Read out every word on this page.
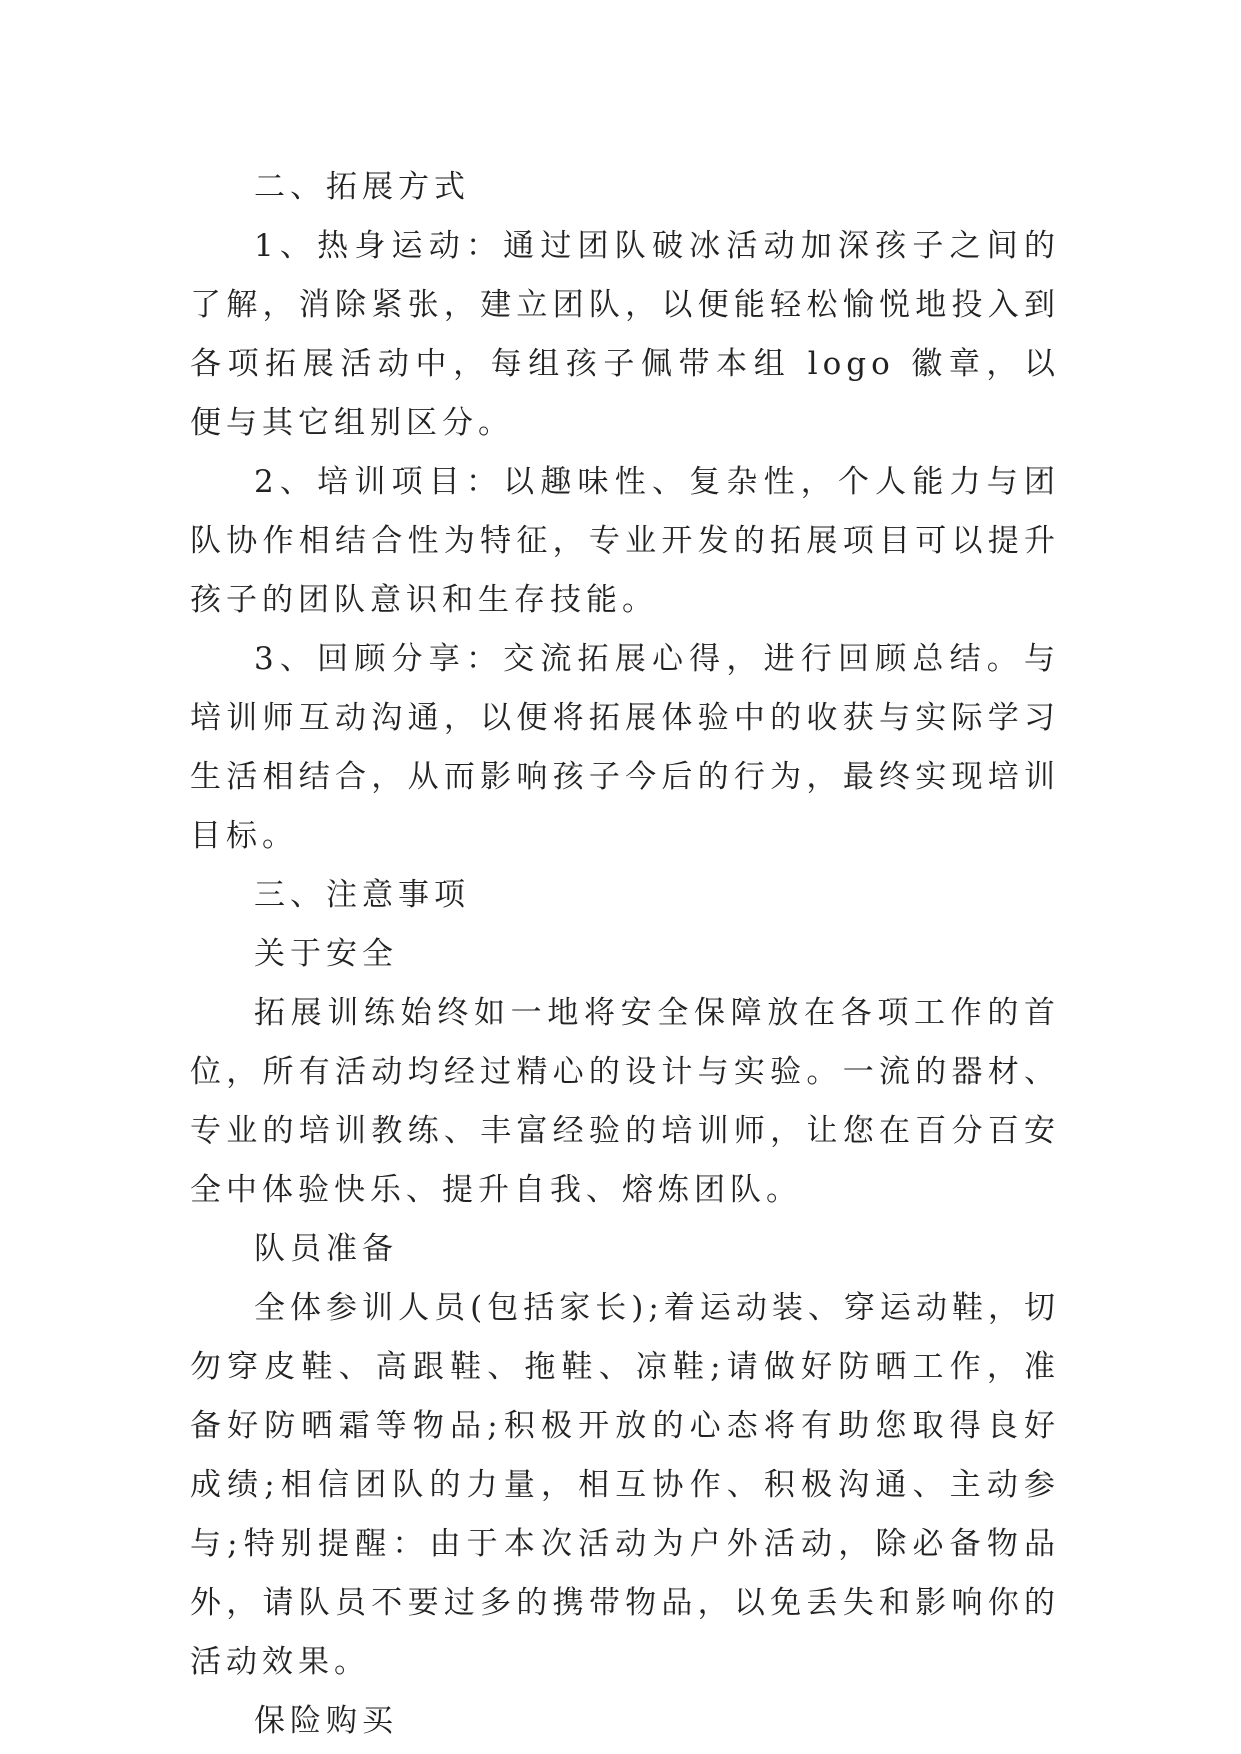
二、拓展方式

1、热身运动：通过团队破冰活动加深孩子之间的了解，消除紧张，建立团队，以便能轻松愉悦地投入到各项拓展活动中，每组孩子佩带本组 logo 徽章，以便与其它组别区分。

2、培训项目：以趣味性、复杂性，个人能力与团队协作相结合性为特征，专业开发的拓展项目可以提升孩子的团队意识和生存技能。

3、回顾分享：交流拓展心得，进行回顾总结。与培训师互动沟通，以便将拓展体验中的收获与实际学习生活相结合，从而影响孩子今后的行为，最终实现培训目标。

三、注意事项

关于安全

拓展训练始终如一地将安全保障放在各项工作的首位，所有活动均经过精心的设计与实验。一流的器材、专业的培训教练、丰富经验的培训师，让您在百分百安全中体验快乐、提升自我、熔炼团队。

队员准备

全体参训人员(包括家长);着运动装、穿运动鞋，切勿穿皮鞋、高跟鞋、拖鞋、凉鞋;请做好防晒工作，准备好防晒霜等物品;积极开放的心态将有助您取得良好成绩;相信团队的力量，相互协作、积极沟通、主动参与;特别提醒：由于本次活动为户外活动，除必备物品外，请队员不要过多的携带物品，以免丢失和影响你的活动效果。

保险购买
